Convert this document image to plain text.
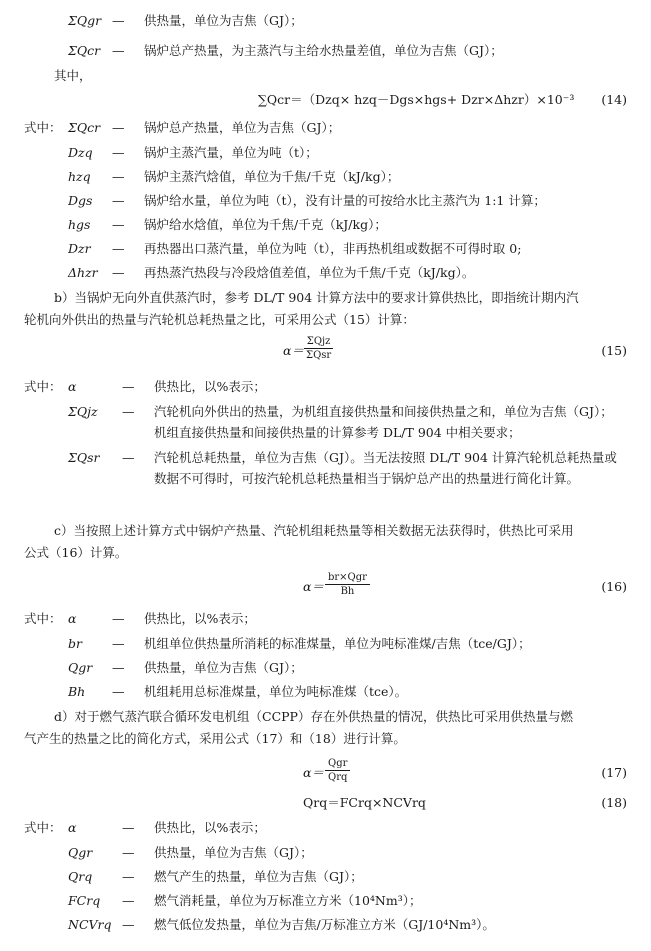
ΣQgr — 供热量，单位为吉焦（GJ）；
ΣQcr — 锅炉总产热量，为主蒸汽与主给水热量差值，单位为吉焦（GJ）；
其中，
∑Qcr＝（Dzq× hzq－Dgs×hgs+ Dzr×Δhzr）×10⁻³ (14)
式中： ΣQcr — 锅炉总产热量，单位为吉焦（GJ）；
Dzq — 锅炉主蒸汽量，单位为吨（t）；
hzq — 锅炉主蒸汽焓值，单位为千焦/千克（kJ/kg）；
Dgs — 锅炉给水量，单位为吨（t），没有计量的可按给水比主蒸汽为 1:1 计算；
hgs — 锅炉给水焓值，单位为千焦/千克（kJ/kg）；
Dzr — 再热器出口蒸汽量，单位为吨（t），非再热机组或数据不可得时取 0;
Δhzr — 再热蒸汽热段与冷段焓值差值，单位为千焦/千克（kJ/kg）。
b）当锅炉无向外直供蒸汽时，参考 DL/T 904 计算方法中的要求计算供热比，即指统计期内汽
轮机向外供出的热量与汽轮机总耗热量之比，可采用公式（15）计算：
α＝
ΣQjz
ΣQsr	(15)
式中： α	— 供热比，以%表示；
ΣQjz — 汽轮机向外供出的热量，为机组直接供热量和间接供热量之和，单位为吉焦（GJ）；机组直接供热量和间接供热量的计算参考 DL/T 904 中相关要求；
ΣQsr — 汽轮机总耗热量，单位为吉焦（GJ）。当无法按照 DL/T 904 计算汽轮机总耗热量或数据不可得时，可按汽轮机总耗热量相当于锅炉总产出的热量进行简化计算。
c）当按照上述计算方式中锅炉产热量、汽轮机组耗热量等相关数据无法获得时，供热比可采用
公式（16）计算。
α＝
br×Qgr
Bh	(16)
式中： α	— 供热比，以%表示；
br — 机组单位供热量所消耗的标准煤量，单位为吨标准煤/吉焦（tce/GJ）；
Qgr — 供热量，单位为吉焦（GJ）；
Bh — 机组耗用总标准煤量，单位为吨标准煤（tce）。
d）对于燃气蒸汽联合循环发电机组（CCPP）存在外供热量的情况，供热比可采用供热量与燃
气产生的热量之比的简化方式，采用公式（17）和（18）进行计算。
α＝
Qgr
Qrq	(17)
Qrq＝FCrq×NCVrq	(18)
式中： α	— 供热比，以%表示；
Qgr — 供热量，单位为吉焦（GJ）；
Qrq — 燃气产生的热量，单位为吉焦（GJ）；
FCrq — 燃气消耗量，单位为万标准立方米（10⁴Nm³）；
NCVrq — 燃气低位发热量，单位为吉焦/万标准立方米（GJ/10⁴Nm³）。
